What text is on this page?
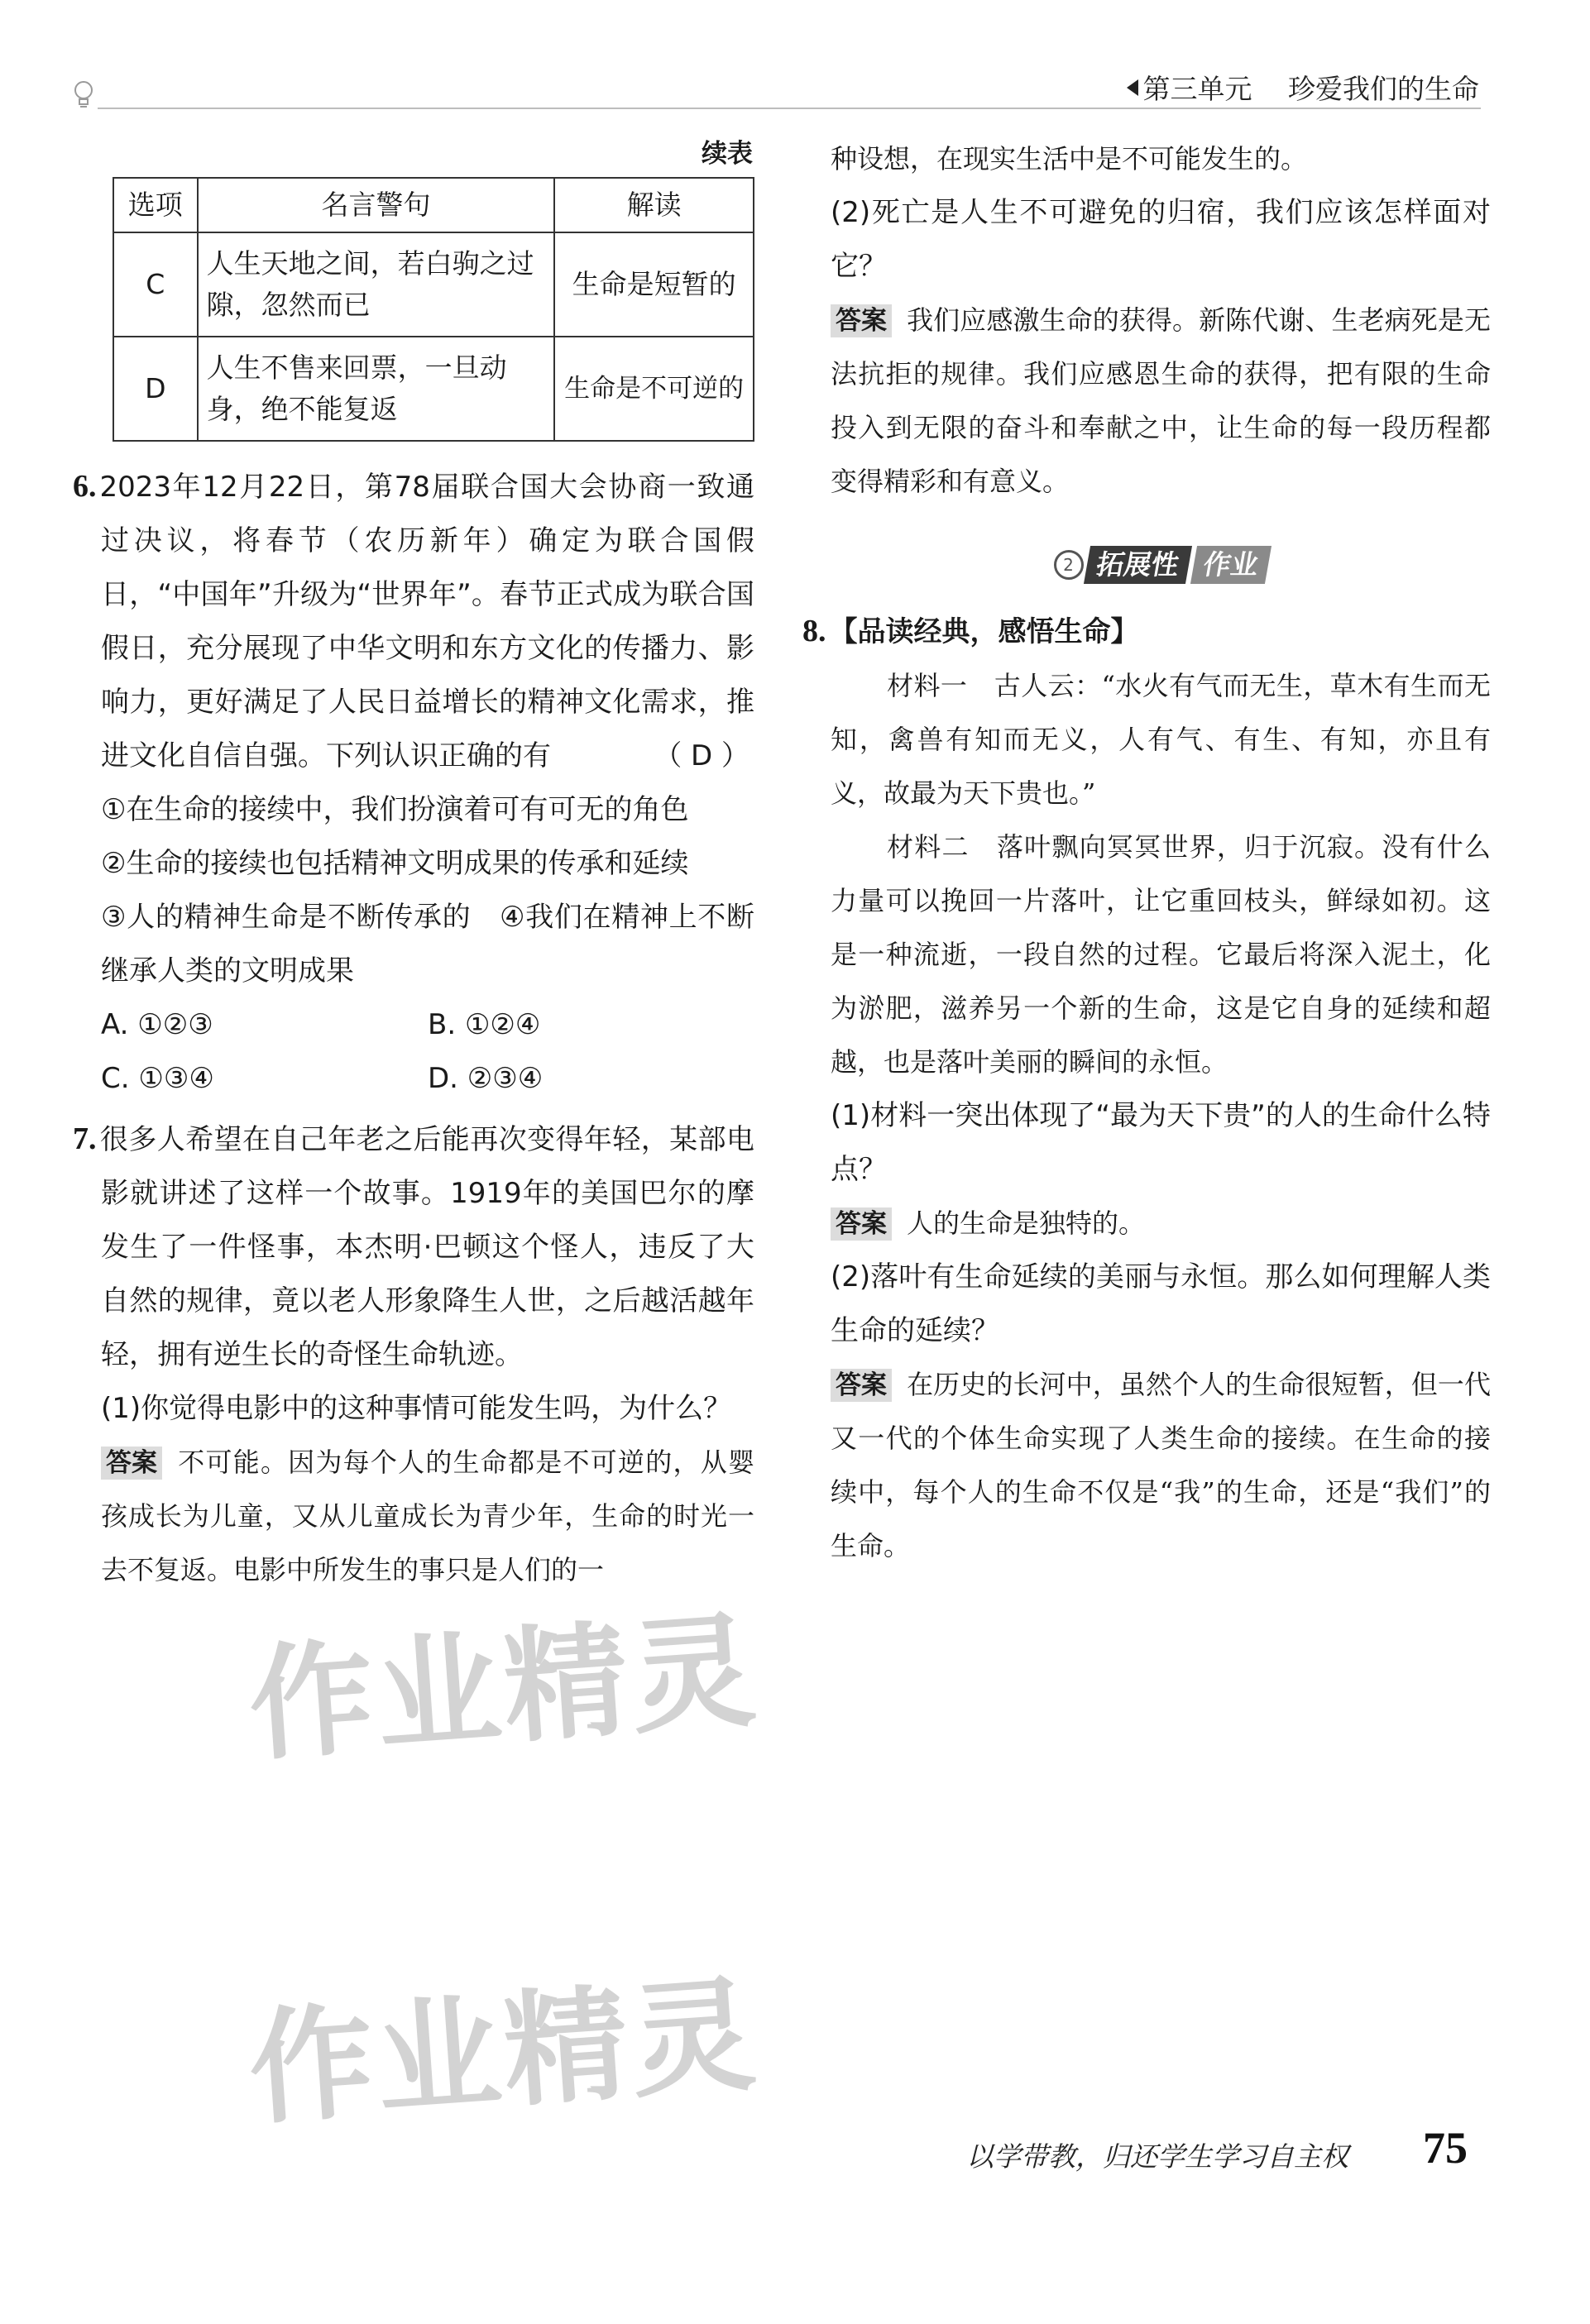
第三单元　 珍爱我们的生命
续表
选项	名言警句	解读
C	人生天地之间，若白驹之过隙，忽然而已	生命是短暂的
D	人生不售来回票，一旦动身，绝不能复返	生命是不可逆的

6. 2023年12月22日，第78届联合国大会协商一致通过决议，将春节（农历新年）确定为联合国假日，“中国年”升级为“世界年”。春节正式成为联合国假日，充分展现了中华文明和东方文化的传播力、影响力，更好满足了人民日益增长的精神文化需求，推进文化自信自强。下列认识正确的有	（ D ）

①在生命的接续中，我们扮演着可有可无的角色

②生命的接续也包括精神文明成果的传承和延续

③人的精神生命是不断传承的　④我们在精神上不断继承人类的文明成果

A. ①②③	B. ①②④
C. ①③④	D. ②③④

7. 很多人希望在自己年老之后能再次变得年轻，某部电影就讲述了这样一个故事。1919年的美国巴尔的摩发生了一件怪事，本杰明·巴顿这个怪人，违反了大自然的规律，竟以老人形象降生人世，之后越活越年轻，拥有逆生长的奇怪生命轨迹。

(1)你觉得电影中的这种事情可能发生吗，为什么？

答案 不可能。因为每个人的生命都是不可逆的，从婴孩成长为儿童，又从儿童成长为青少年，生命的时光一去不复返。电影中所发生的事只是人们的一

种设想，在现实生活中是不可能发生的。

(2)死亡是人生不可避免的归宿，我们应该怎样面对它？

答案 我们应感激生命的获得。新陈代谢、生老病死是无法抗拒的规律。我们应感恩生命的获得，把有限的生命投入到无限的奋斗和奉献之中，让生命的每一段历程都变得精彩和有意义。

2 拓展性 作业

8. 【品读经典，感悟生命】

材料一　古人云：“水火有气而无生，草木有生而无知，禽兽有知而无义，人有气、有生、有知，亦且有义，故最为天下贵也。”

材料二　落叶飘向冥冥世界，归于沉寂。没有什么力量可以挽回一片落叶，让它重回枝头，鲜绿如初。这是一种流逝，一段自然的过程。它最后将深入泥土，化为淤肥，滋养另一个新的生命，这是它自身的延续和超越，也是落叶美丽的瞬间的永恒。

(1)材料一突出体现了“最为天下贵”的人的生命什么特点？

答案 人的生命是独特的。

(2)落叶有生命延续的美丽与永恒。那么如何理解人类生命的延续？

答案 在历史的长河中，虽然个人的生命很短暂，但一代又一代的个体生命实现了人类生命的接续。在生命的接续中，每个人的生命不仅是“我”的生命，还是“我们”的生命。

作业精灵
作业精灵
以学带教，归还学生学习自主权 75
